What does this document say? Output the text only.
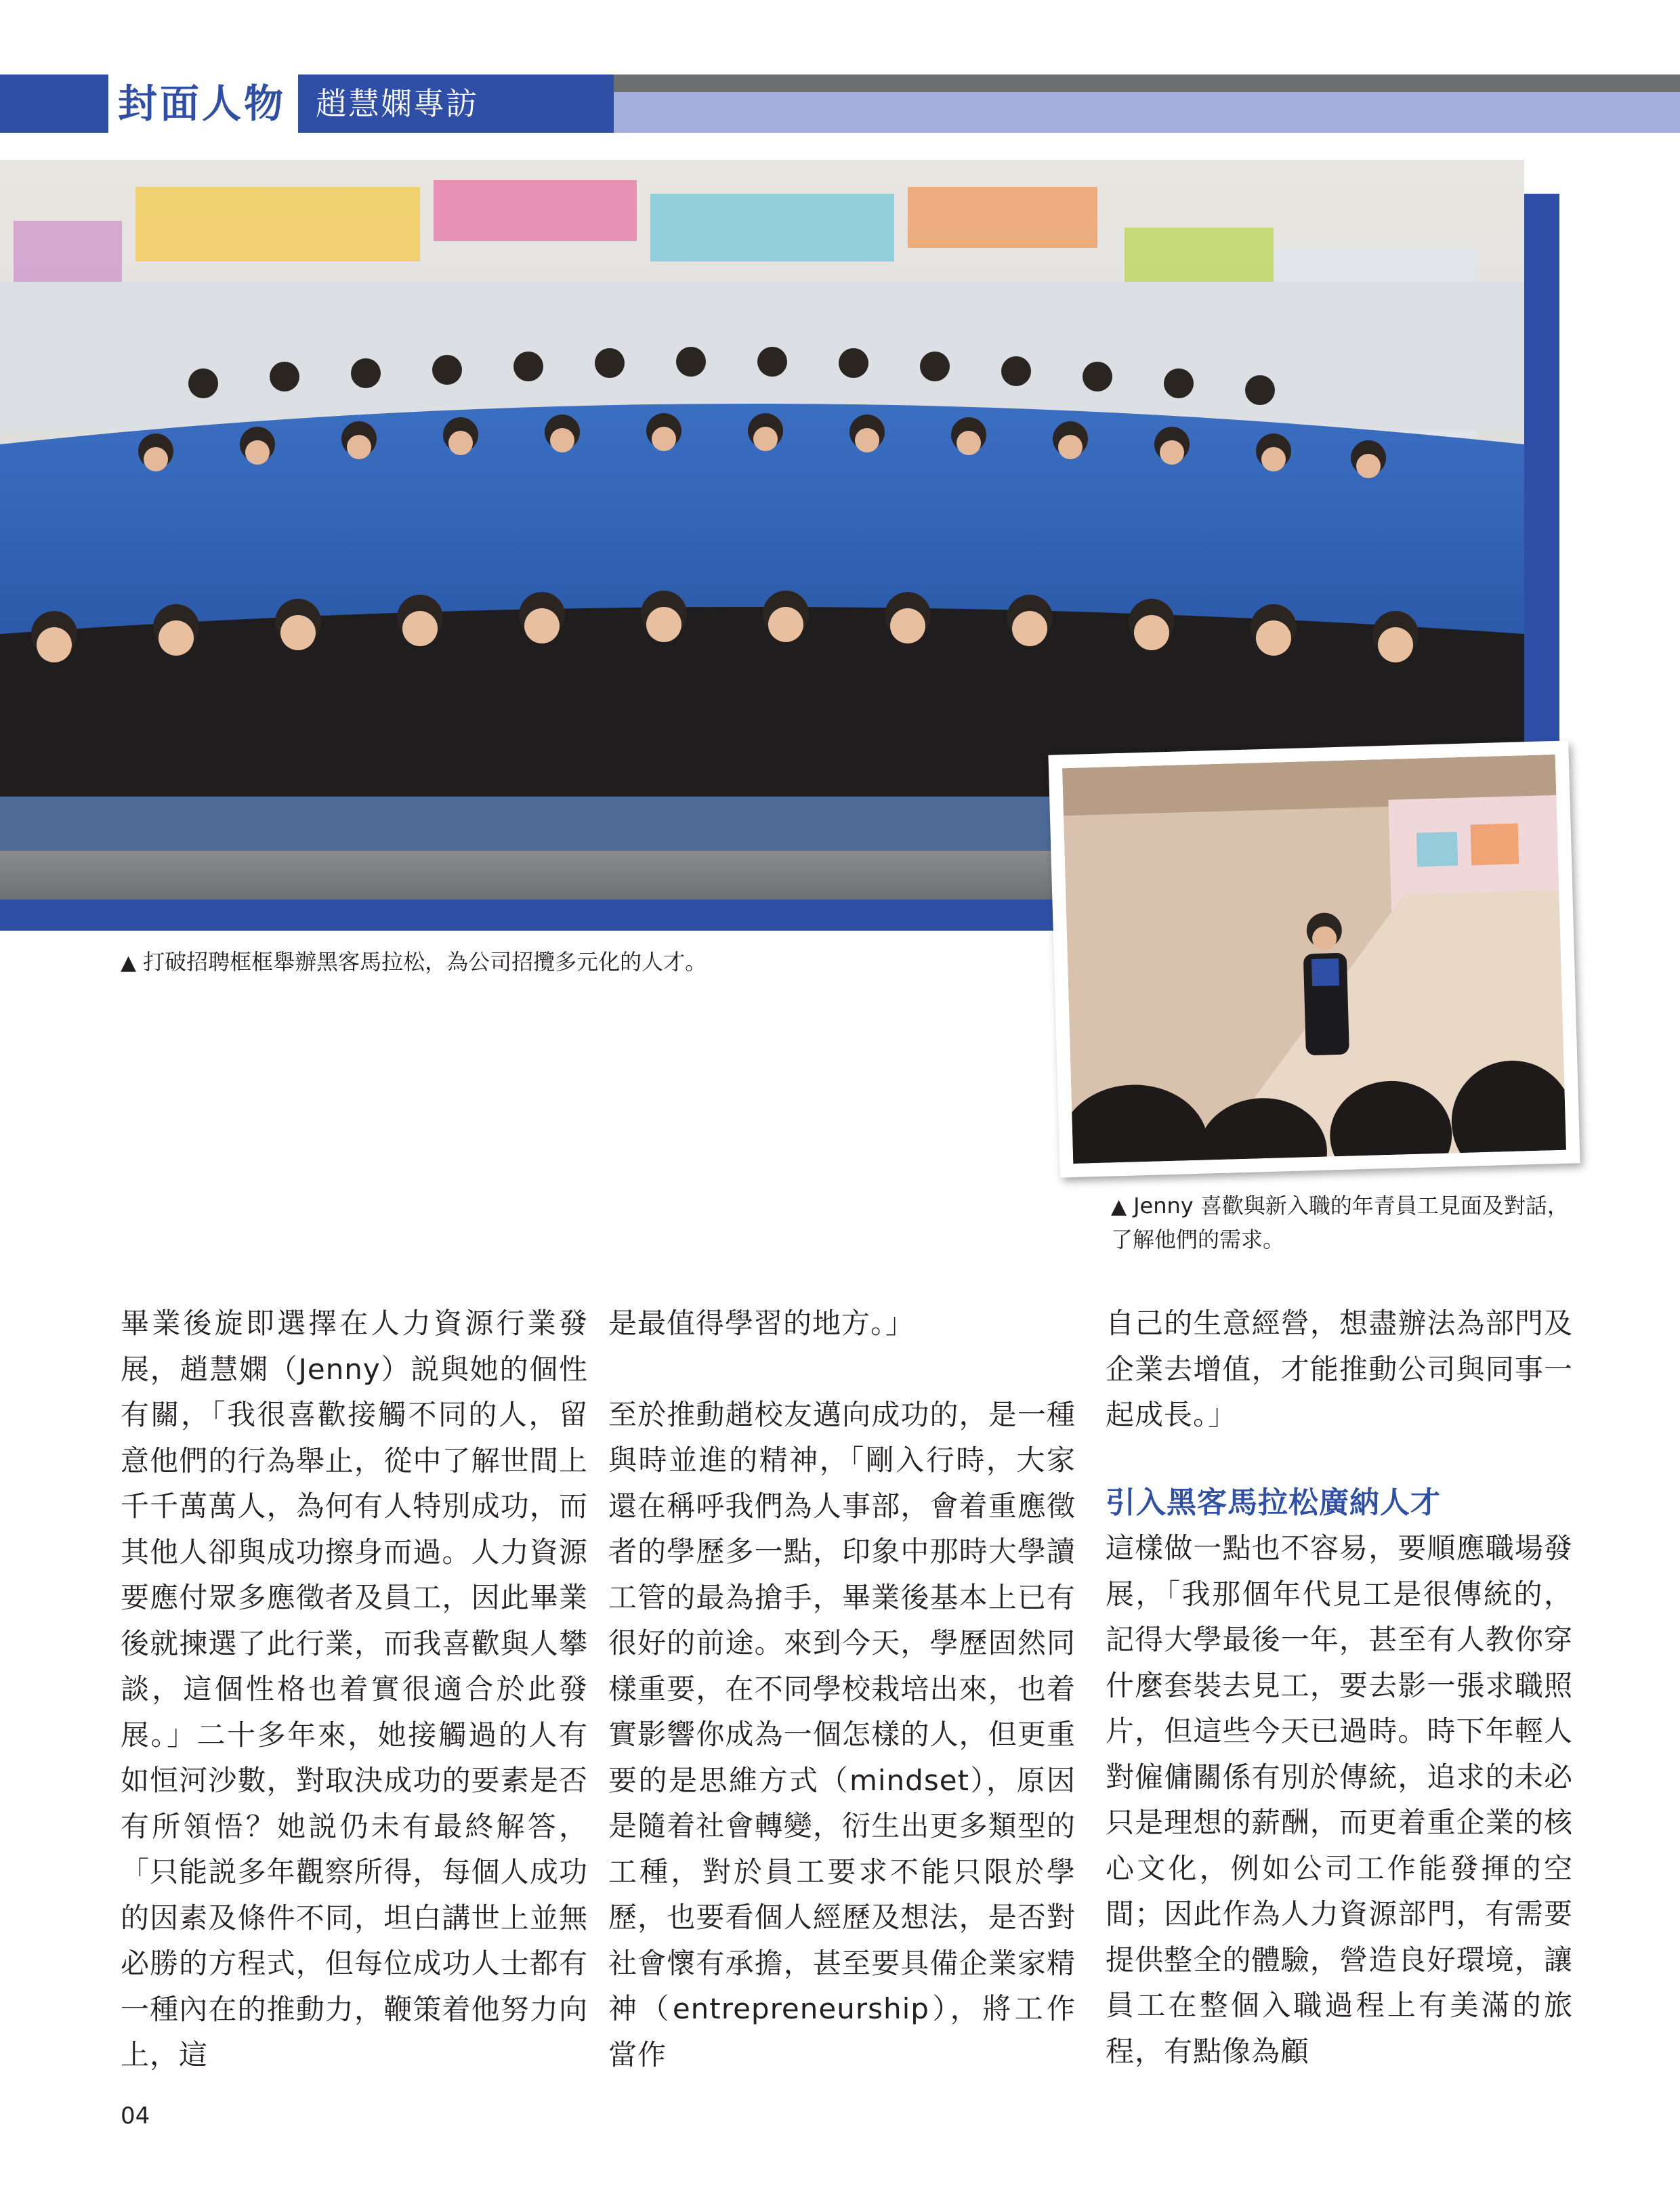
封面人物 趙慧嫻專訪
▲ 打破招聘框框舉辦黑客馬拉松，為公司招攬多元化的人才。
▲ Jenny 喜歡與新入職的年青員工見面及對話，了解他們的需求。

畢業後旋即選擇在人力資源行業發展，趙慧嫻（Jenny）説與她的個性有關，「我很喜歡接觸不同的人，留意他們的行為舉止，從中了解世間上千千萬萬人，為何有人特別成功，而其他人卻與成功擦身而過。人力資源要應付眾多應徵者及員工，因此畢業後就揀選了此行業，而我喜歡與人攀談，這個性格也着實很適合於此發展。」二十多年來，她接觸過的人有如恒河沙數，對取決成功的要素是否有所領悟？她説仍未有最終解答，「只能説多年觀察所得，每個人成功的因素及條件不同，坦白講世上並無必勝的方程式，但每位成功人士都有一種內在的推動力，鞭策着他努力向上，這

是最值得學習的地方。」

至於推動趙校友邁向成功的，是一種與時並進的精神，「剛入行時，大家還在稱呼我們為人事部，會着重應徵者的學歷多一點，印象中那時大學讀工管的最為搶手，畢業後基本上已有很好的前途。來到今天，學歷固然同樣重要，在不同學校栽培出來，也着實影響你成為一個怎樣的人，但更重要的是思維方式（mindset），原因是隨着社會轉變，衍生出更多類型的工種，對於員工要求不能只限於學歷，也要看個人經歷及想法，是否對社會懷有承擔，甚至要具備企業家精神（entrepreneurship），將工作當作

自己的生意經營，想盡辦法為部門及企業去增值，才能推動公司與同事一起成長。」

引入黑客馬拉松廣納人才

這樣做一點也不容易，要順應職場發展，「我那個年代見工是很傳統的，記得大學最後一年，甚至有人教你穿什麼套裝去見工，要去影一張求職照片，但這些今天已過時。時下年輕人對僱傭關係有別於傳統，追求的未必只是理想的薪酬，而更着重企業的核心文化，例如公司工作能發揮的空間；因此作為人力資源部門，有需要提供整全的體驗，營造良好環境，讓員工在整個入職過程上有美滿的旅程，有點像為顧

04
